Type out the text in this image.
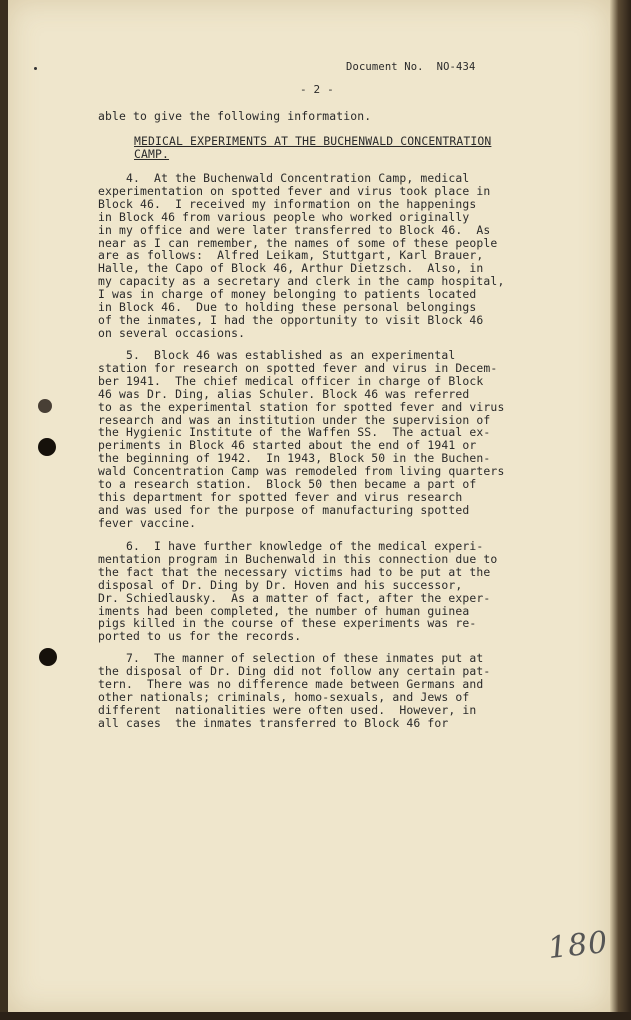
Document No.  NO-434
- 2 -
able to give the following information.
MEDICAL EXPERIMENTS AT THE BUCHENWALD CONCENTRATION
CAMP.
4.  At the Buchenwald Concentration Camp, medical
experimentation on spotted fever and virus took place in
Block 46.  I received my information on the happenings
in Block 46 from various people who worked originally
in my office and were later transferred to Block 46.  As
near as I can remember, the names of some of these people
are as follows:  Alfred Leikam, Stuttgart, Karl Brauer,
Halle, the Capo of Block 46, Arthur Dietzsch.  Also, in
my capacity as a secretary and clerk in the camp hospital,
I was in charge of money belonging to patients located
in Block 46.  Due to holding these personal belongings
of the inmates, I had the opportunity to visit Block 46
on several occasions.
5.  Block 46 was established as an experimental
station for research on spotted fever and virus in Decem-
ber 1941.  The chief medical officer in charge of Block
46 was Dr. Ding, alias Schuler. Block 46 was referred
to as the experimental station for spotted fever and virus
research and was an institution under the supervision of
the Hygienic Institute of the Waffen SS.  The actual ex-
periments in Block 46 started about the end of 1941 or
the beginning of 1942.  In 1943, Block 50 in the Buchen-
wald Concentration Camp was remodeled from living quarters
to a research station.  Block 50 then became a part of
this department for spotted fever and virus research
and was used for the purpose of manufacturing spotted
fever vaccine.
6.  I have further knowledge of the medical experi-
mentation program in Buchenwald in this connection due to
the fact that the necessary victims had to be put at the
disposal of Dr. Ding by Dr. Hoven and his successor,
Dr. Schiedlausky.  As a matter of fact, after the exper-
iments had been completed, the number of human guinea
pigs killed in the course of these experiments was re-
ported to us for the records.
7.  The manner of selection of these inmates put at
the disposal of Dr. Ding did not follow any certain pat-
tern.  There was no difference made between Germans and
other nationals; criminals, homo-sexuals, and Jews of
different  nationalities were often used.  However, in
all cases  the inmates transferred to Block 46 for
180
